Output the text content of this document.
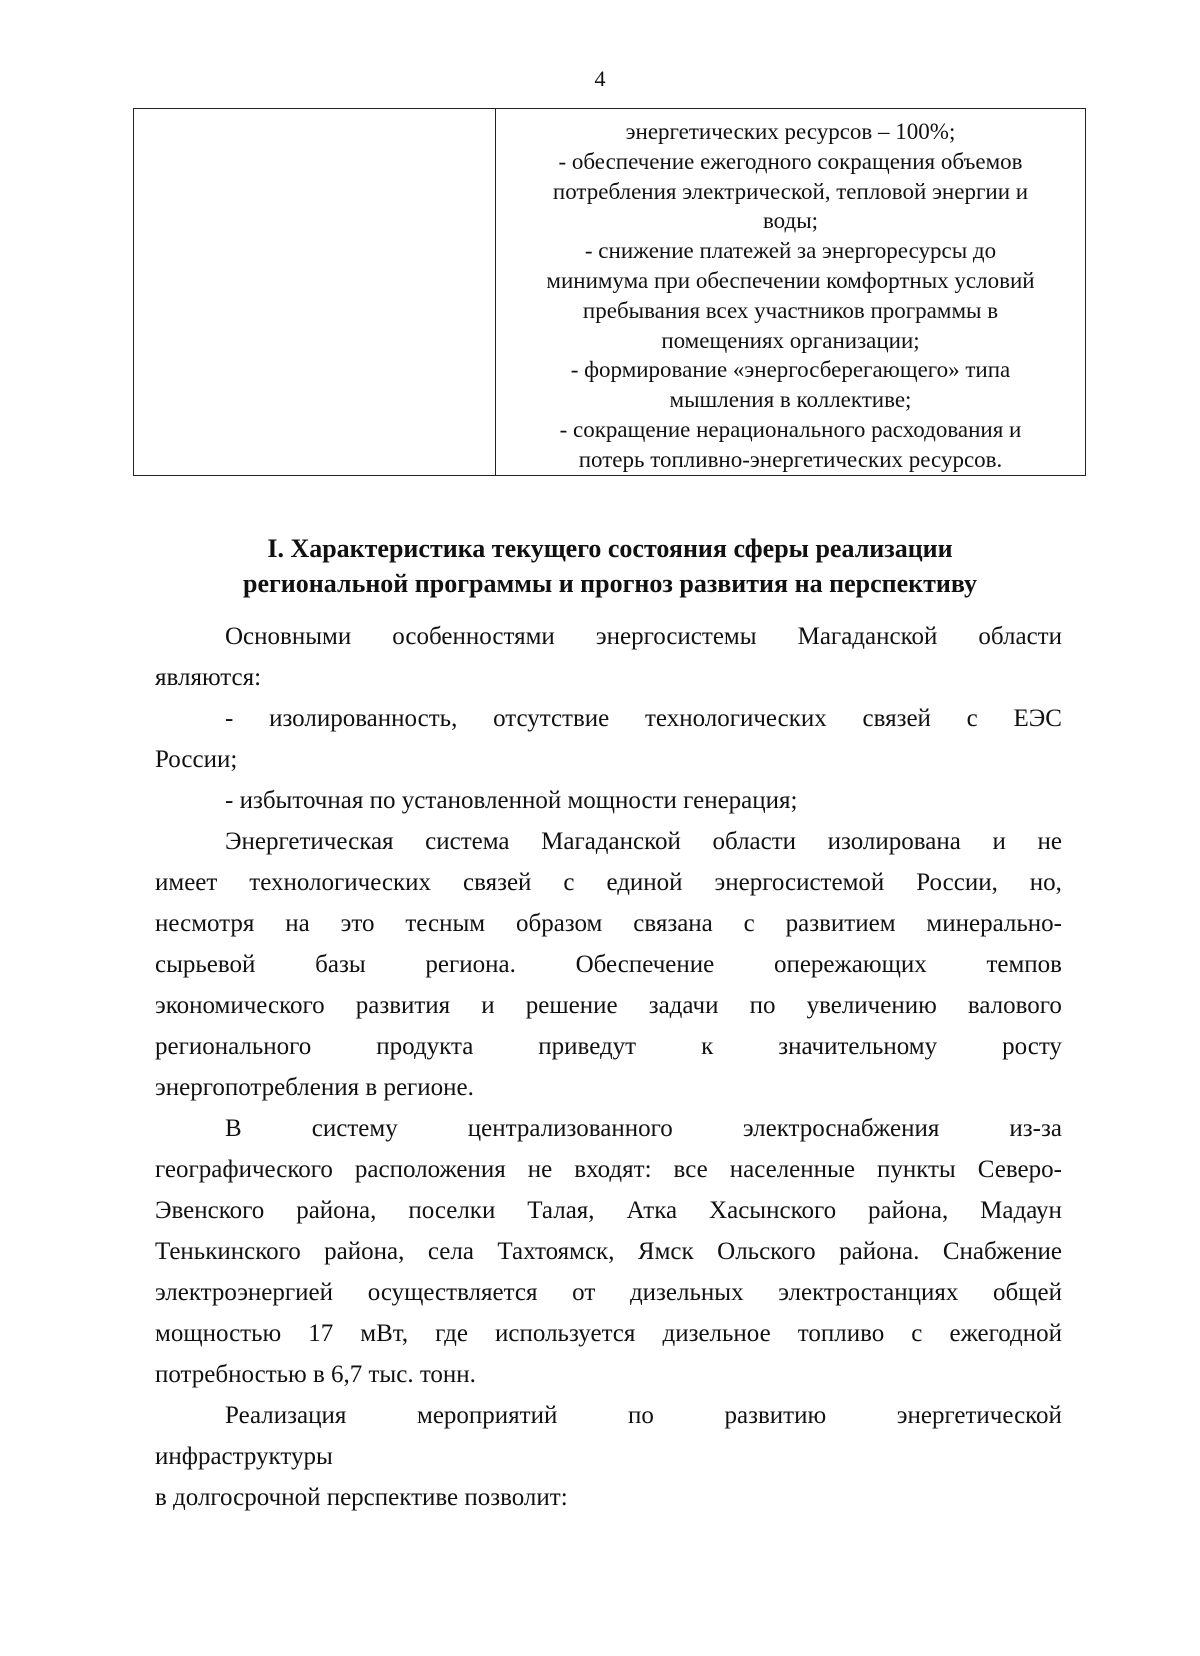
4

энергетических ресурсов – 100%;
- обеспечение ежегодного сокращения объемов
потребления электрической, тепловой энергии и
воды;
- снижение платежей за энергоресурсы до
минимума при обеспечении комфортных условий
пребывания всех участников программы в
помещениях организации;
- формирование «энергосберегающего» типа
мышления в коллективе;
- сокращение нерационального расходования и
потерь топливно-энергетических ресурсов.
I. Характеристика текущего состояния сферы реализации
региональной программы и прогноз развития на перспективу
Основными особенностями энергосистемы Магаданской области
являются:
- изолированность, отсутствие технологических связей с ЕЭС
России;
- избыточная по установленной мощности генерация;
Энергетическая система Магаданской области изолирована и не
имеет технологических связей с единой энергосистемой России, но,
несмотря на это тесным образом связана с развитием минерально-
сырьевой базы региона. Обеспечение опережающих темпов
экономического развития и решение задачи по увеличению валового
регионального	продукта	приведут	к	значительному	росту
энергопотребления в регионе.
В	систему	централизованного	электроснабжения	из-за
географического расположения не входят: все населенные пункты Северо-
Эвенского района, поселки Талая, Атка Хасынского района, Мадаун
Тенькинского района, села Тахтоямск, Ямск Ольского района. Снабжение
электроэнергией осуществляется от дизельных электростанциях общей
мощностью 17 мВт, где используется дизельное топливо с ежегодной
потребностью в 6,7 тыс. тонн.
Реализация	мероприятий	по	развитию	энергетической
инфраструктуры
в долгосрочной перспективе позволит:
